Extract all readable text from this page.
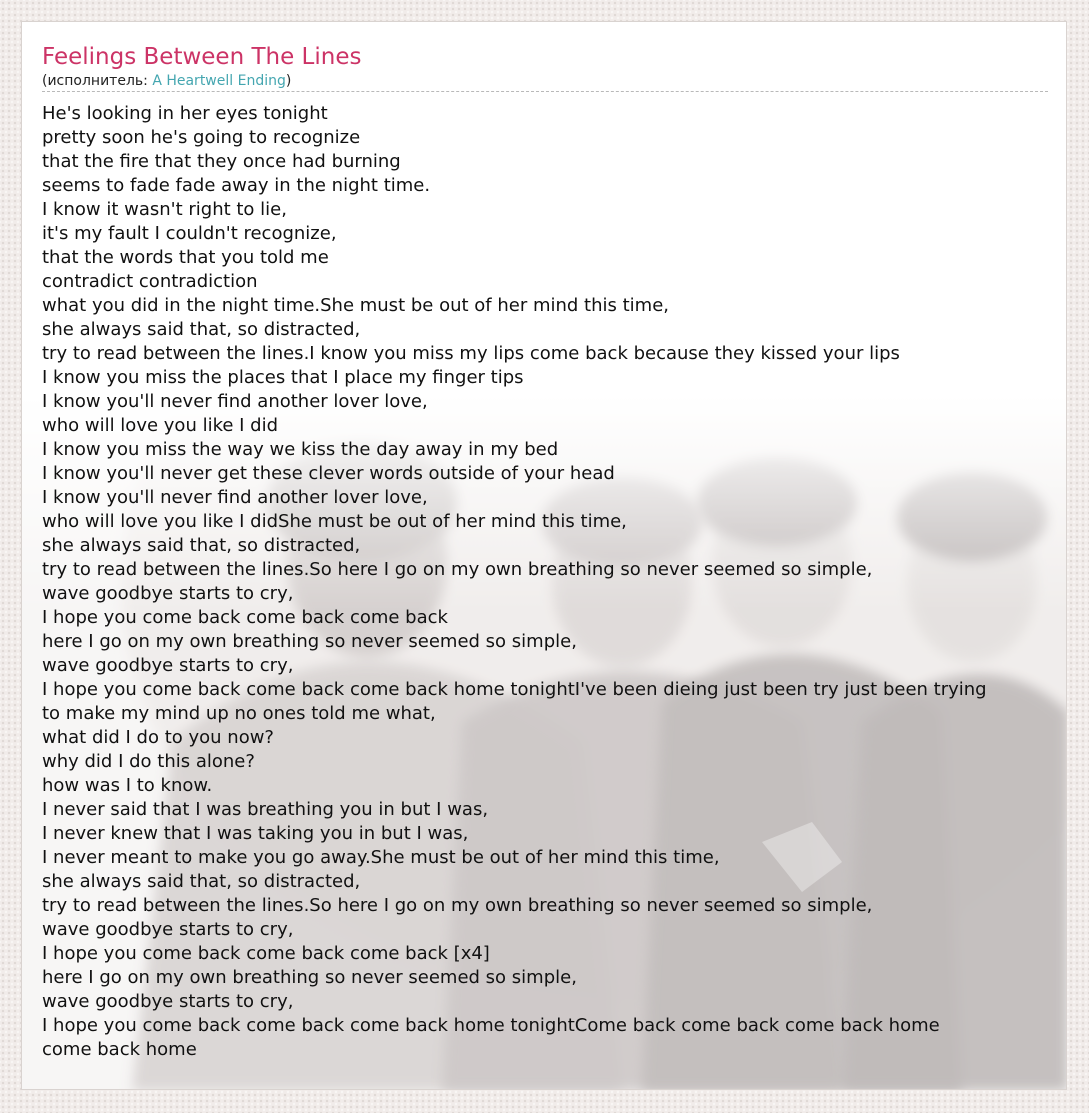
Feelings Between The Lines
(исполнитель: A Heartwell Ending)
He's looking in her eyes tonight
pretty soon he's going to recognize
that the fire that they once had burning
seems to fade fade away in the night time.
I know it wasn't right to lie,
it's my fault I couldn't recognize,
that the words that you told me
contradict contradiction
what you did in the night time.She must be out of her mind this time,
she always said that, so distracted,
try to read between the lines.I know you miss my lips come back because they kissed your lips
I know you miss the places that I place my finger tips
I know you'll never find another lover love,
who will love you like I did
I know you miss the way we kiss the day away in my bed
I know you'll never get these clever words outside of your head
I know you'll never find another lover love,
who will love you like I didShe must be out of her mind this time,
she always said that, so distracted,
try to read between the lines.So here I go on my own breathing so never seemed so simple,
wave goodbye starts to cry,
I hope you come back come back come back
here I go on my own breathing so never seemed so simple,
wave goodbye starts to cry,
I hope you come back come back come back home tonightI've been dieing just been try just been trying
to make my mind up no ones told me what,
what did I do to you now?
why did I do this alone?
how was I to know.
I never said that I was breathing you in but I was,
I never knew that I was taking you in but I was,
I never meant to make you go away.She must be out of her mind this time,
she always said that, so distracted,
try to read between the lines.So here I go on my own breathing so never seemed so simple,
wave goodbye starts to cry,
I hope you come back come back come back [x4]
here I go on my own breathing so never seemed so simple,
wave goodbye starts to cry,
I hope you come back come back come back home tonightCome back come back come back home
come back home
